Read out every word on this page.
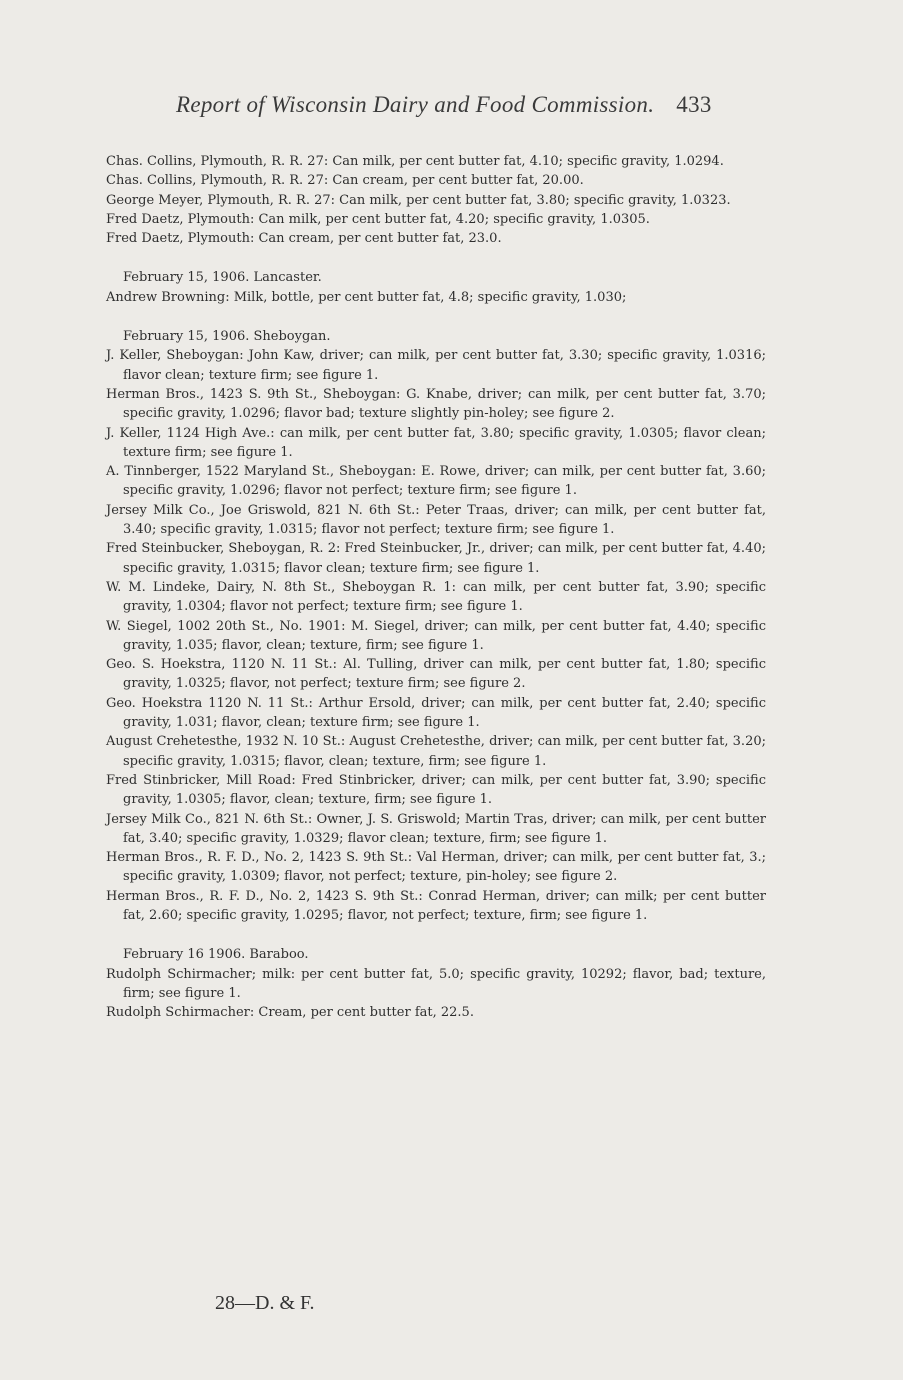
Report of Wisconsin Dairy and Food Commission. 433

Chas. Collins, Plymouth, R. R. 27: Can milk, per cent butter fat, 4.10; specific gravity, 1.0294.

Chas. Collins, Plymouth, R. R. 27: Can cream, per cent butter fat, 20.00.

George Meyer, Plymouth, R. R. 27: Can milk, per cent butter fat, 3.80; specific gravity, 1.0323.

Fred Daetz, Plymouth: Can milk, per cent butter fat, 4.20; specific gravity, 1.0305.

Fred Daetz, Plymouth: Can cream, per cent butter fat, 23.0.

February 15, 1906. Lancaster.

Andrew Browning: Milk, bottle, per cent butter fat, 4.8; specific gravity, 1.030;

February 15, 1906. Sheboygan.

J. Keller, Sheboygan: John Kaw, driver; can milk, per cent butter fat, 3.30; specific gravity, 1.0316; flavor clean; texture firm; see figure 1.

Herman Bros., 1423 S. 9th St., Sheboygan: G. Knabe, driver; can milk, per cent butter fat, 3.70; specific gravity, 1.0296; flavor bad; texture slightly pin-holey; see figure 2.

J. Keller, 1124 High Ave.: can milk, per cent butter fat, 3.80; specific gravity, 1.0305; flavor clean; texture firm; see figure 1.

A. Tinnberger, 1522 Maryland St., Sheboygan: E. Rowe, driver; can milk, per cent butter fat, 3.60; specific gravity, 1.0296; flavor not perfect; texture firm; see figure 1.

Jersey Milk Co., Joe Griswold, 821 N. 6th St.: Peter Traas, driver; can milk, per cent butter fat, 3.40; specific gravity, 1.0315; flavor not perfect; texture firm; see figure 1.

Fred Steinbucker, Sheboygan, R. 2: Fred Steinbucker, Jr., driver; can milk, per cent butter fat, 4.40; specific gravity, 1.0315; flavor clean; texture firm; see figure 1.

W. M. Lindeke, Dairy, N. 8th St., Sheboygan R. 1: can milk, per cent butter fat, 3.90; specific gravity, 1.0304; flavor not perfect; texture firm; see figure 1.

W. Siegel, 1002 20th St., No. 1901: M. Siegel, driver; can milk, per cent butter fat, 4.40; specific gravity, 1.035; flavor, clean; texture, firm; see figure 1.

Geo. S. Hoekstra, 1120 N. 11 St.: Al. Tulling, driver can milk, per cent butter fat, 1.80; specific gravity, 1.0325; flavor, not perfect; texture firm; see figure 2.

Geo. Hoekstra 1120 N. 11 St.: Arthur Ersold, driver; can milk, per cent butter fat, 2.40; specific gravity, 1.031; flavor, clean; texture firm; see figure 1.

August Crehetesthe, 1932 N. 10 St.: August Crehetesthe, driver; can milk, per cent butter fat, 3.20; specific gravity, 1.0315; flavor, clean; texture, firm; see figure 1.

Fred Stinbricker, Mill Road: Fred Stinbricker, driver; can milk, per cent butter fat, 3.90; specific gravity, 1.0305; flavor, clean; texture, firm; see figure 1.

Jersey Milk Co., 821 N. 6th St.: Owner, J. S. Griswold; Martin Tras, driver; can milk, per cent butter fat, 3.40; specific gravity, 1.0329; flavor clean; texture, firm; see figure 1.

Herman Bros., R. F. D., No. 2, 1423 S. 9th St.: Val Herman, driver; can milk, per cent butter fat, 3.; specific gravity, 1.0309; flavor, not perfect; texture, pin-holey; see figure 2.

Herman Bros., R. F. D., No. 2, 1423 S. 9th St.: Conrad Herman, driver; can milk; per cent butter fat, 2.60; specific gravity, 1.0295; flavor, not perfect; texture, firm; see figure 1.

February 16 1906. Baraboo.

Rudolph Schirmacher; milk: per cent butter fat, 5.0; specific gravity, 10292; flavor, bad; texture, firm; see figure 1.

Rudolph Schirmacher: Cream, per cent butter fat, 22.5.

28—D. & F.
